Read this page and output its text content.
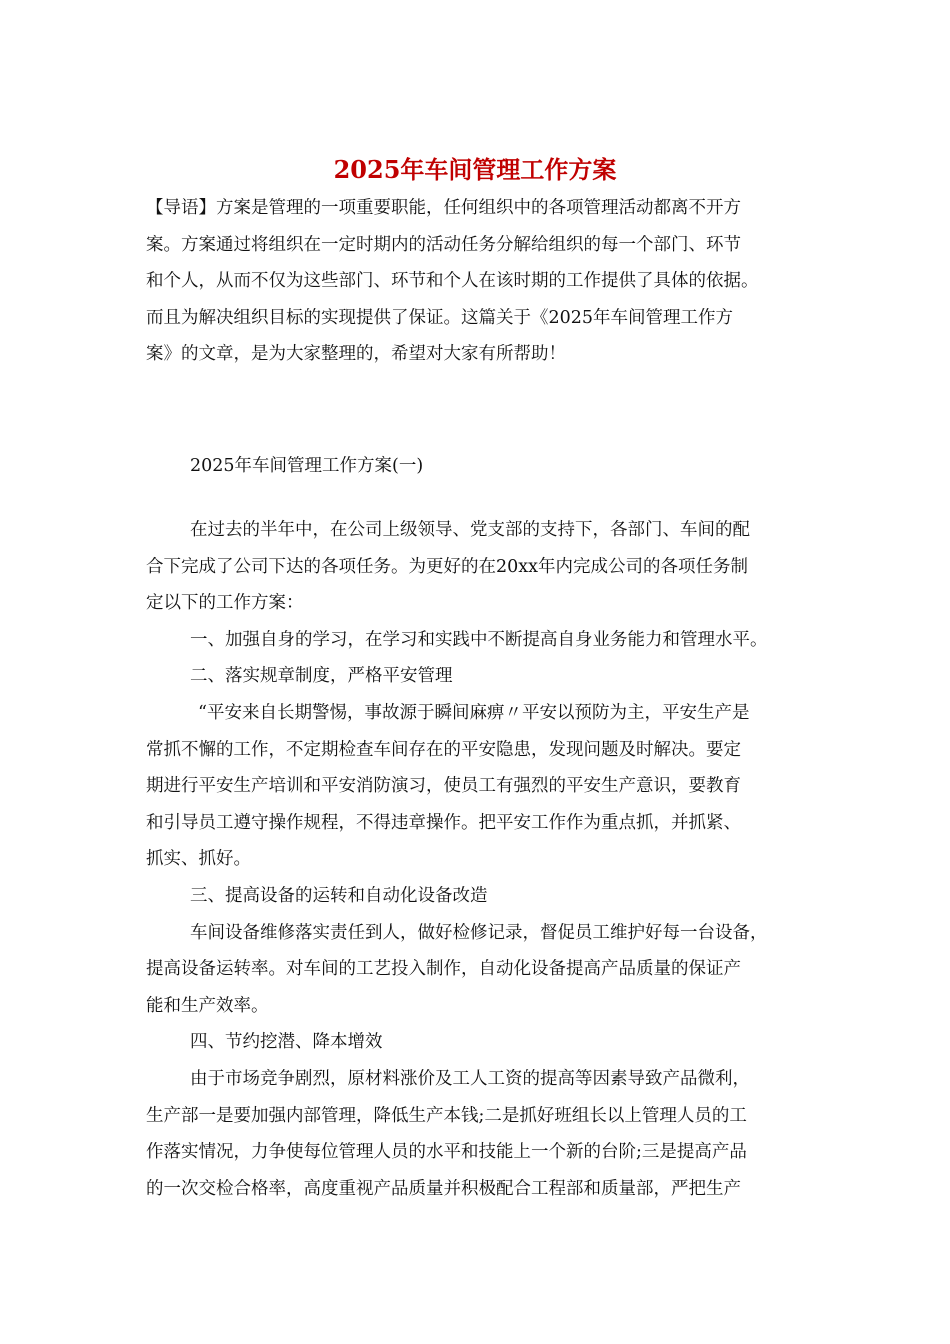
2025年车间管理工作方案
【导语】方案是管理的一项重要职能，任何组织中的各项管理活动都离不开方
案。方案通过将组织在一定时期内的活动任务分解给组织的每一个部门、环节
和个人，从而不仅为这些部门、环节和个人在该时期的工作提供了具体的依据。
而且为解决组织目标的实现提供了保证。这篇关于《2025年车间管理工作方
案》的文章，是为大家整理的，希望对大家有所帮助！
2025年车间管理工作方案(一)
在过去的半年中，在公司上级领导、党支部的支持下，各部门、车间的配
合下完成了公司下达的各项任务。为更好的在20xx年内完成公司的各项任务制
定以下的工作方案：
一、加强自身的学习，在学习和实践中不断提高自身业务能力和管理水平。
二、落实规章制度，严格平安管理
“平安来自长期警惕，事故源于瞬间麻痹〃平安以预防为主，平安生产是
常抓不懈的工作，不定期检查车间存在的平安隐患，发现问题及时解决。要定
期进行平安生产培训和平安消防演习，使员工有强烈的平安生产意识，要教育
和引导员工遵守操作规程，不得违章操作。把平安工作作为重点抓，并抓紧、
抓实、抓好。
三、提高设备的运转和自动化设备改造
车间设备维修落实责任到人，做好检修记录，督促员工维护好每一台设备，
提高设备运转率。对车间的工艺投入制作，自动化设备提高产品质量的保证产
能和生产效率。
四、节约挖潜、降本增效
由于市场竞争剧烈，原材料涨价及工人工资的提高等因素导致产品微利，
生产部一是要加强内部管理，降低生产本钱;二是抓好班组长以上管理人员的工
作落实情况，力争使每位管理人员的水平和技能上一个新的台阶;三是提高产品
的一次交检合格率，高度重视产品质量并积极配合工程部和质量部，严把生产
